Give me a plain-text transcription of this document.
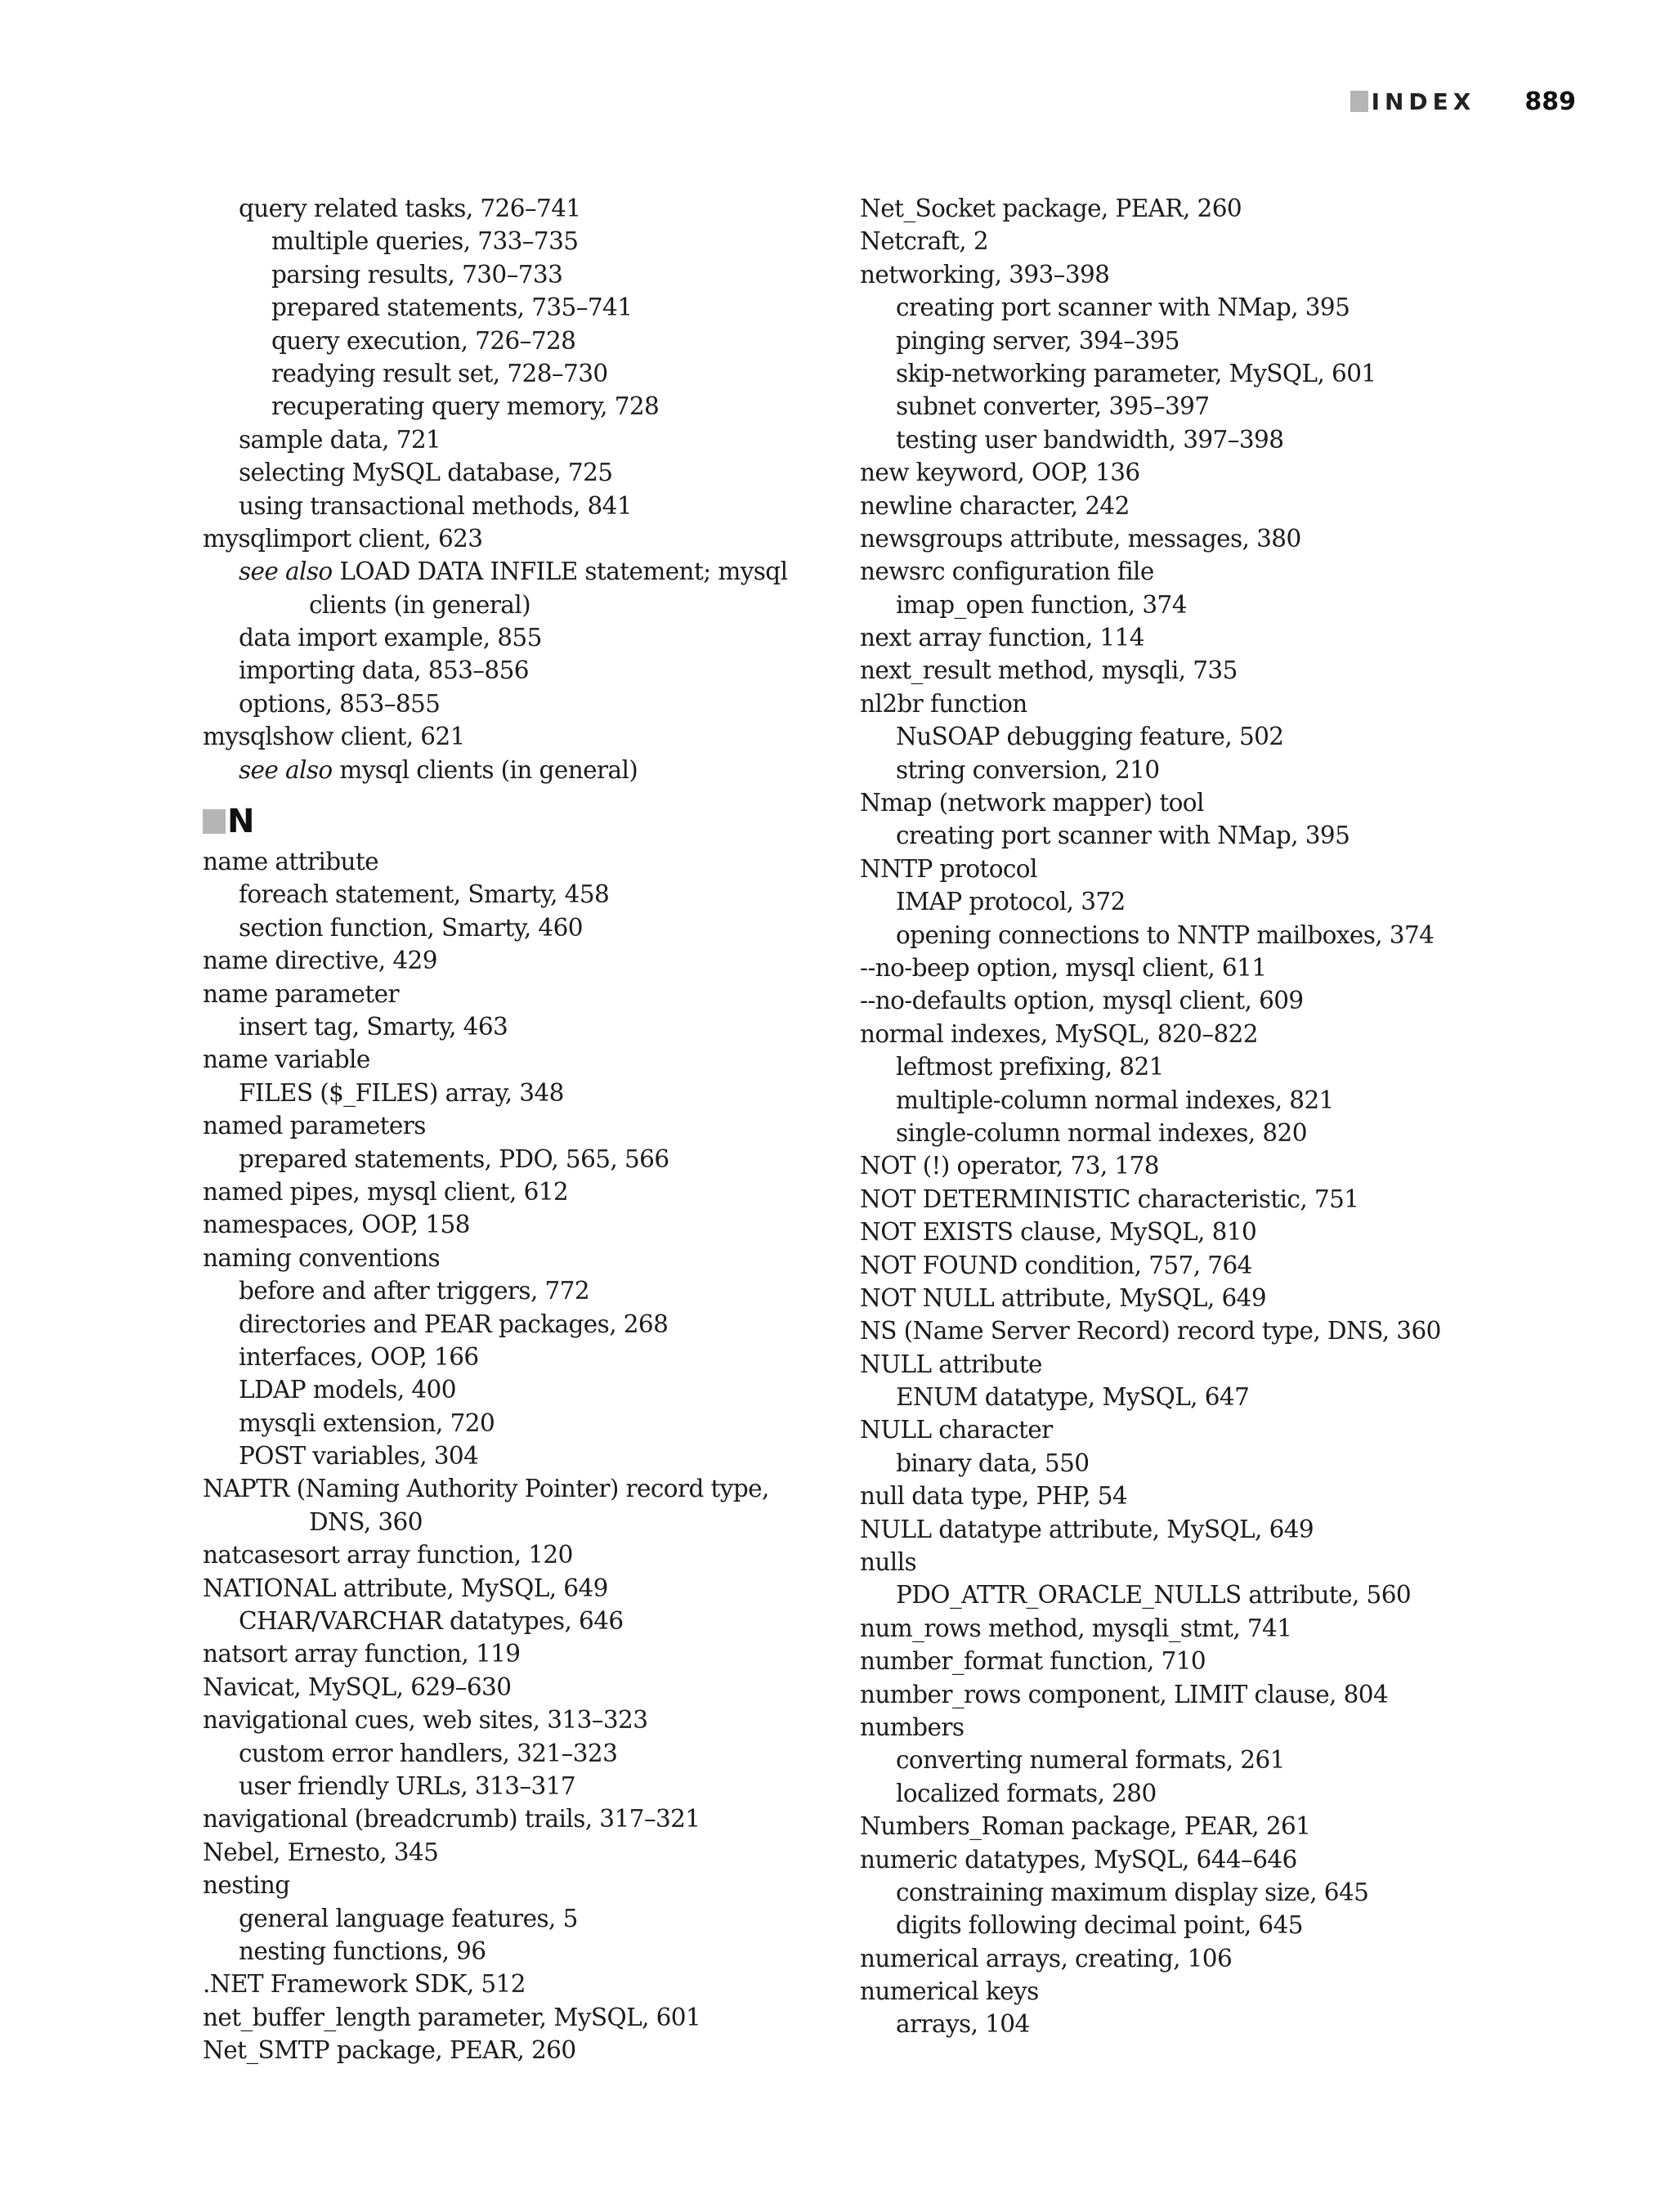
INDEX 889
query related tasks, 726–741
multiple queries, 733–735
parsing results, 730–733
prepared statements, 735–741
query execution, 726–728
readying result set, 728–730
recuperating query memory, 728
sample data, 721
selecting MySQL database, 725
using transactional methods, 841
mysqlimport client, 623
see also LOAD DATA INFILE statement; mysql
clients (in general)
data import example, 855
importing data, 853–856
options, 853–855
mysqlshow client, 621
see also mysql clients (in general)
N
name attribute
foreach statement, Smarty, 458
section function, Smarty, 460
name directive, 429
name parameter
insert tag, Smarty, 463
name variable
FILES ($_FILES) array, 348
named parameters
prepared statements, PDO, 565, 566
named pipes, mysql client, 612
namespaces, OOP, 158
naming conventions
before and after triggers, 772
directories and PEAR packages, 268
interfaces, OOP, 166
LDAP models, 400
mysqli extension, 720
POST variables, 304
NAPTR (Naming Authority Pointer) record type,
DNS, 360
natcasesort array function, 120
NATIONAL attribute, MySQL, 649
CHAR/VARCHAR datatypes, 646
natsort array function, 119
Navicat, MySQL, 629–630
navigational cues, web sites, 313–323
custom error handlers, 321–323
user friendly URLs, 313–317
navigational (breadcrumb) trails, 317–321
Nebel, Ernesto, 345
nesting
general language features, 5
nesting functions, 96
.NET Framework SDK, 512
net_buffer_length parameter, MySQL, 601
Net_SMTP package, PEAR, 260
Net_Socket package, PEAR, 260
Netcraft, 2
networking, 393–398
creating port scanner with NMap, 395
pinging server, 394–395
skip-networking parameter, MySQL, 601
subnet converter, 395–397
testing user bandwidth, 397–398
new keyword, OOP, 136
newline character, 242
newsgroups attribute, messages, 380
newsrc configuration file
imap_open function, 374
next array function, 114
next_result method, mysqli, 735
nl2br function
NuSOAP debugging feature, 502
string conversion, 210
Nmap (network mapper) tool
creating port scanner with NMap, 395
NNTP protocol
IMAP protocol, 372
opening connections to NNTP mailboxes, 374
--no-beep option, mysql client, 611
--no-defaults option, mysql client, 609
normal indexes, MySQL, 820–822
leftmost prefixing, 821
multiple-column normal indexes, 821
single-column normal indexes, 820
NOT (!) operator, 73, 178
NOT DETERMINISTIC characteristic, 751
NOT EXISTS clause, MySQL, 810
NOT FOUND condition, 757, 764
NOT NULL attribute, MySQL, 649
NS (Name Server Record) record type, DNS, 360
NULL attribute
ENUM datatype, MySQL, 647
NULL character
binary data, 550
null data type, PHP, 54
NULL datatype attribute, MySQL, 649
nulls
PDO_ATTR_ORACLE_NULLS attribute, 560
num_rows method, mysqli_stmt, 741
number_format function, 710
number_rows component, LIMIT clause, 804
numbers
converting numeral formats, 261
localized formats, 280
Numbers_Roman package, PEAR, 261
numeric datatypes, MySQL, 644–646
constraining maximum display size, 645
digits following decimal point, 645
numerical arrays, creating, 106
numerical keys
arrays, 104
